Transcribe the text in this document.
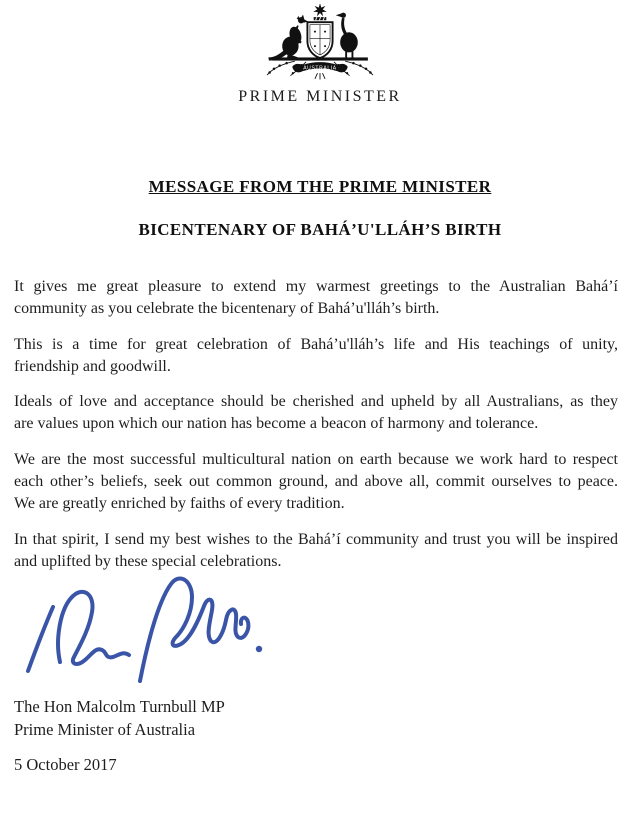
AUSTRALIA
PRIME MINISTER
MESSAGE FROM THE PRIME MINISTER
BICENTENARY OF BAHÁ’U'LLÁH’S BIRTH
It gives me great pleasure to extend my warmest greetings to the Australian Bahá’í
community as you celebrate the bicentenary of Bahá’u'lláh’s birth.
This is a time for great celebration of Bahá’u'lláh’s life and His teachings of unity,
friendship and goodwill.
Ideals of love and acceptance should be cherished and upheld by all Australians, as they
are values upon which our nation has become a beacon of harmony and tolerance.
We are the most successful multicultural nation on earth because we work hard to respect
each other’s beliefs, seek out common ground, and above all, commit ourselves to peace.
We are greatly enriched by faiths of every tradition.
In that spirit, I send my best wishes to the Bahá’í community and trust you will be inspired
and uplifted by these special celebrations.
The Hon Malcolm Turnbull MP
Prime Minister of Australia
5 October 2017
